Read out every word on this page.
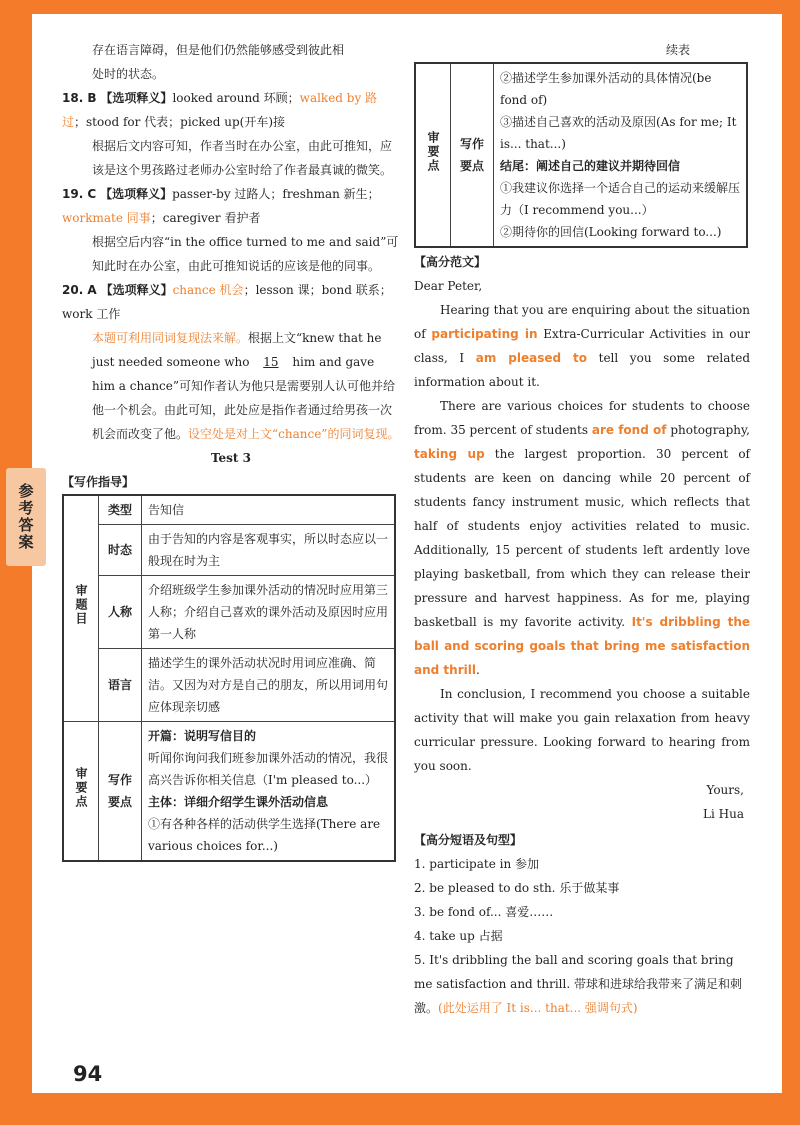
参考答案

存在语言障碍，但是他们仍然能够感受到彼此相

处时的状态。

18. B 【选项释义】looked around 环顾；walked by 路过；stood for 代表；picked up(开车)接

根据后文内容可知，作者当时在办公室，由此可推知，应该是这个男孩路过老师办公室时给了作者最真诚的微笑。

19. C 【选项释义】passer-by 过路人；freshman 新生；workmate 同事；caregiver 看护者

根据空后内容“in the office turned to me and said”可知此时在办公室，由此可推知说话的应该是他的同事。

20. A 【选项释义】chance 机会；lesson 课；bond 联系；work 工作

本题可利用同词复现法来解。根据上文“knew that he just needed someone who 15 him and gave him a chance”可知作者认为他只是需要别人认可他并给他一个机会。由此可知，此处应是指作者通过给男孩一次机会而改变了他。设空处是对上文“chance”的同词复现。

Test 3

【写作指导】

审题目	类型	告知信
	时态	由于告知的内容是客观事实，所以时态应以一般现在时为主
	人称	介绍班级学生参加课外活动的情况时应用第三人称；介绍自己喜欢的课外活动及原因时应用第一人称
	语言	描述学生的课外活动状况时用词应准确、简洁。又因为对方是自己的朋友，所以用词用句应体现亲切感
审要点	写作要点	开篇：说明写信目的
听闻你询问我们班参加课外活动的情况，我很高兴告诉你相关信息（I'm pleased to...）
主体：详细介绍学生课外活动信息
①有各种各样的活动供学生选择(There are various choices for...)

续表

审要点	写作要点	
②描述学生参加课外活动的具体情况(be fond of)
③描述自己喜欢的活动及原因(As for me; It is... that...)
结尾：阐述自己的建议并期待回信
①我建议你选择一个适合自己的运动来缓解压力（I recommend you...）
②期待你的回信(Looking forward to...)

【高分范文】

Dear Peter,

Hearing that you are enquiring about the situation of participating in Extra-Curricular Activities in our class, I am pleased to tell you some related information about it.

There are various choices for students to choose from. 35 percent of students are fond of photography, taking up the largest proportion. 30 percent of students are keen on dancing while 20 percent of students fancy instrument music, which reflects that half of students enjoy activities related to music. Additionally, 15 percent of students left ardently love playing basketball, from which they can release their pressure and harvest happiness. As for me, playing basketball is my favorite activity. It's dribbling the ball and scoring goals that bring me satisfaction and thrill.

In conclusion, I recommend you choose a suitable activity that will make you gain relaxation from heavy curricular pressure. Looking forward to hearing from you soon.

Yours,

Li Hua

【高分短语及句型】

1. participate in 参加

2. be pleased to do sth. 乐于做某事

3. be fond of... 喜爱……

4. take up 占据

5. It's dribbling the ball and scoring goals that bring me satisfaction and thrill. 带球和进球给我带来了满足和刺激。(此处运用了 It is... that... 强调句式)

94
